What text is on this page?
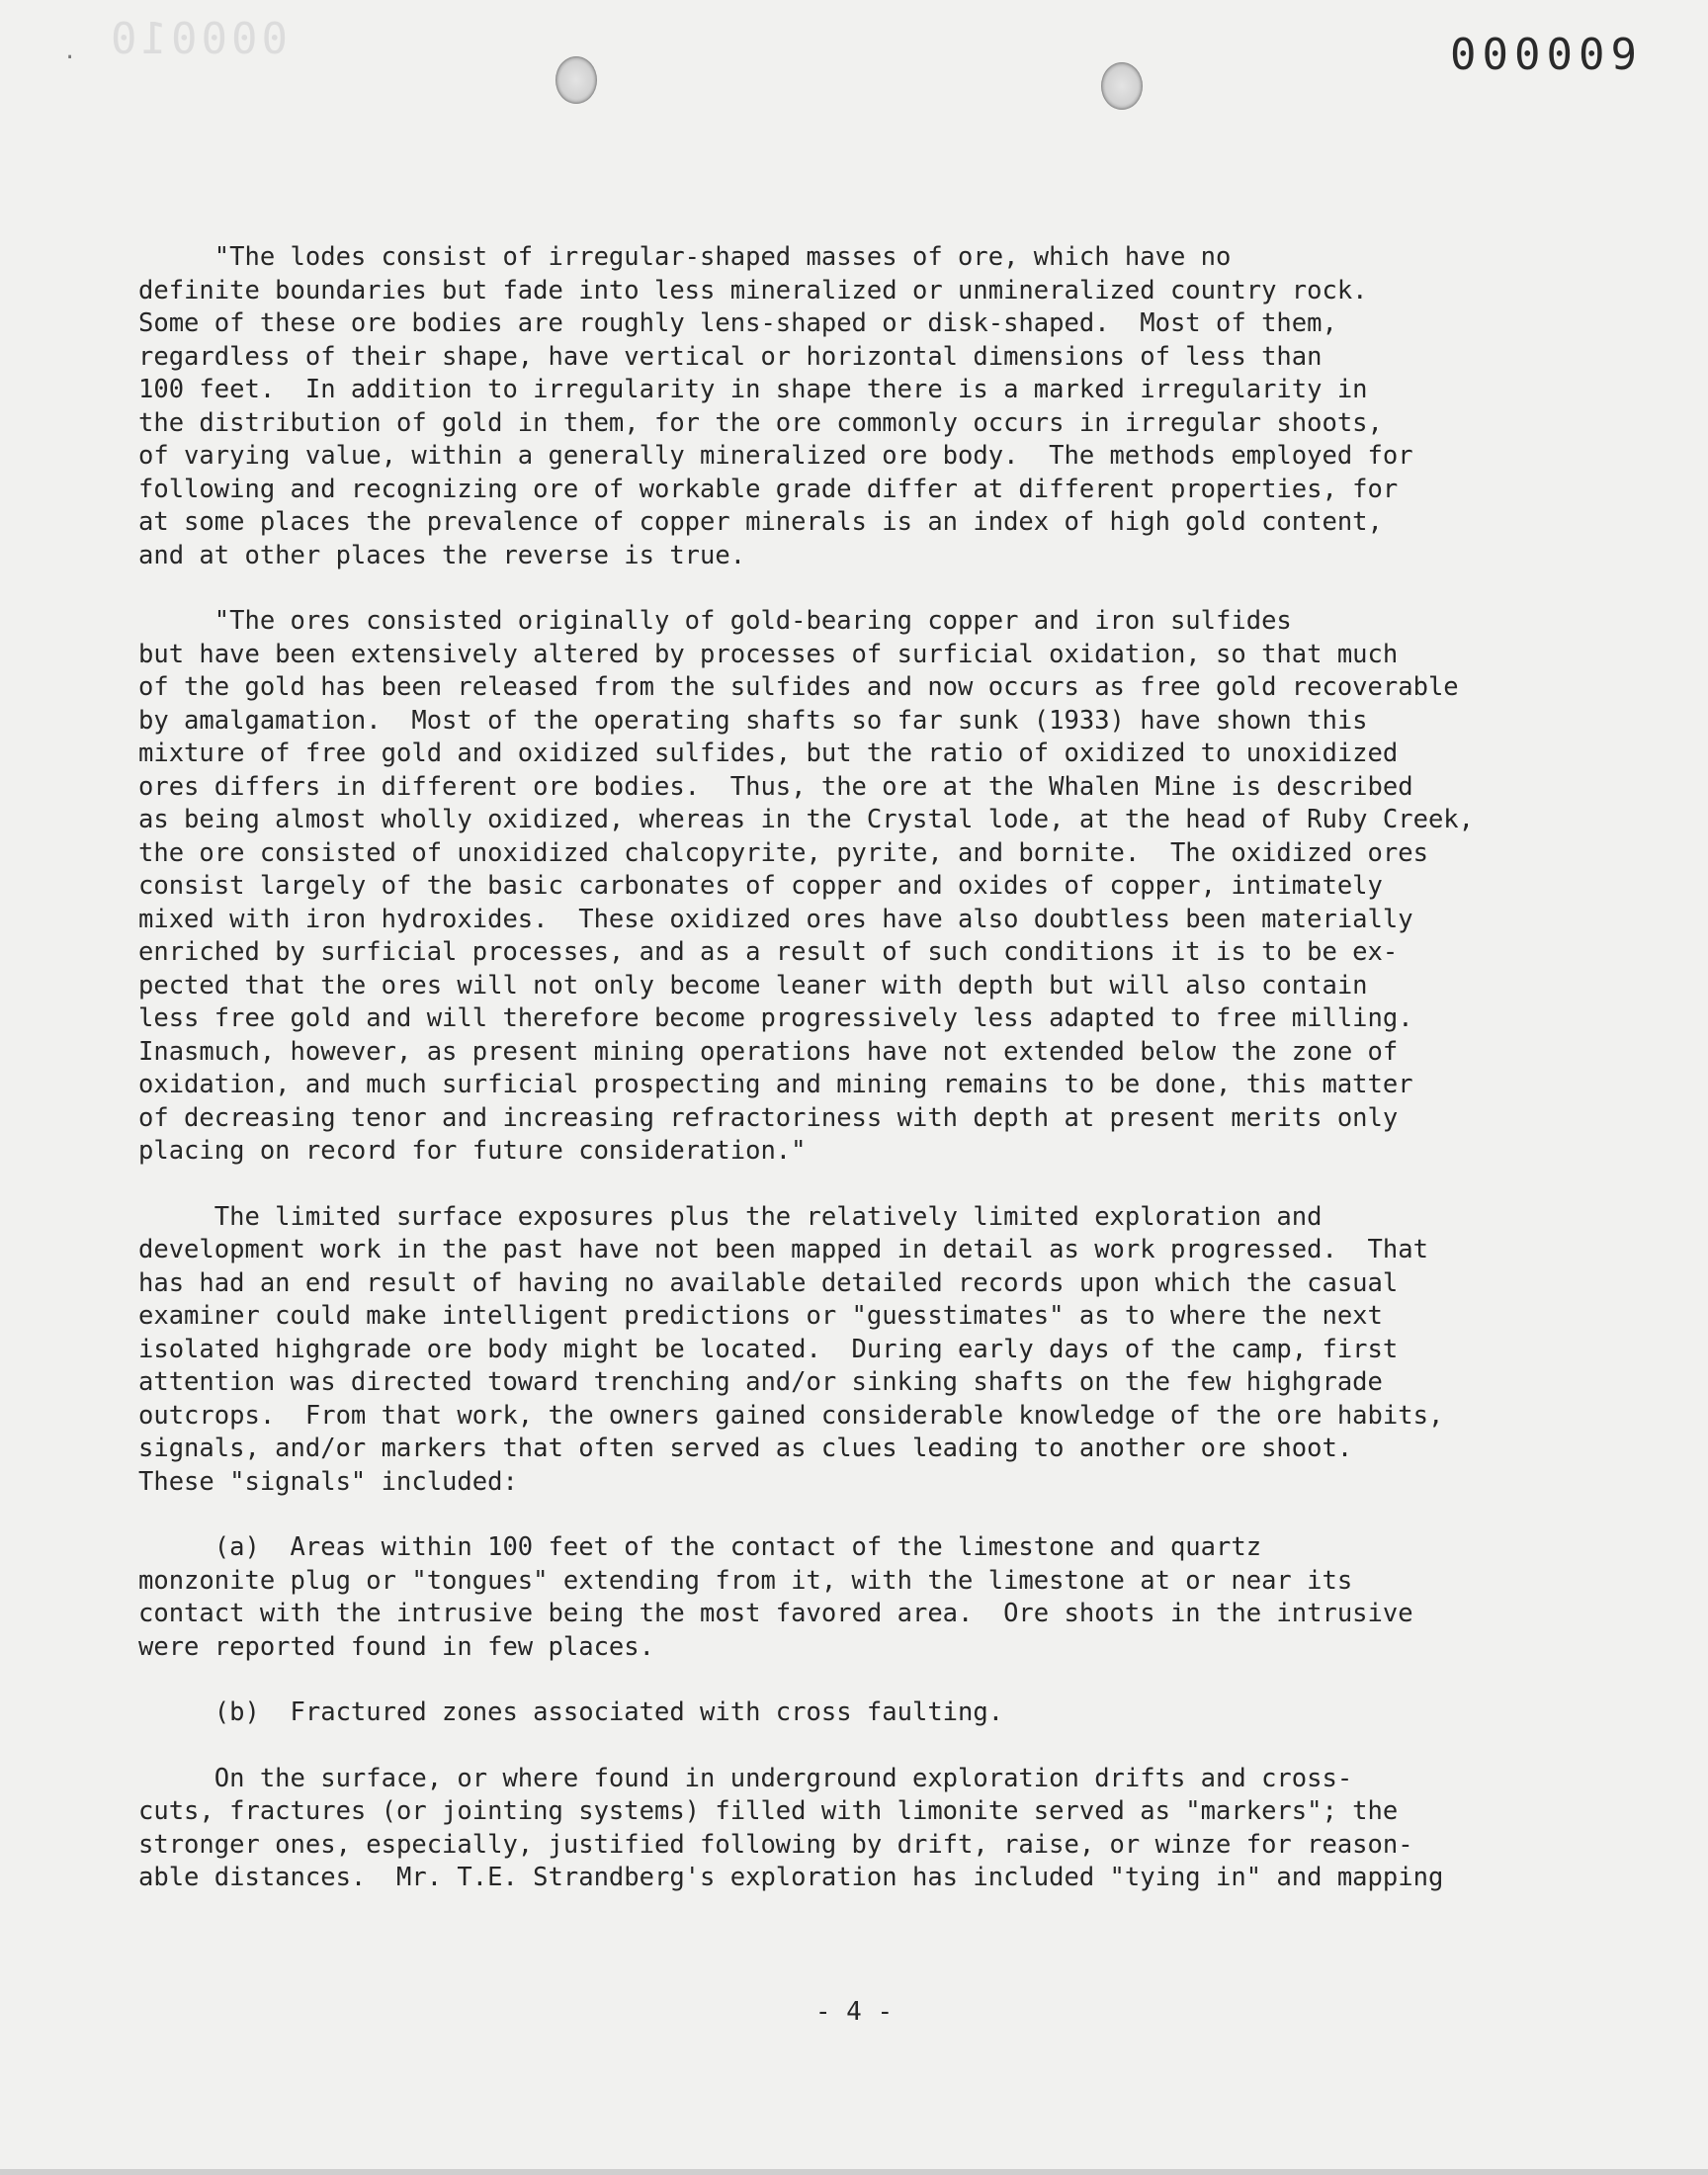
000010
.	000009
"The lodes consist of irregular-shaped masses of ore, which have no
definite boundaries but fade into less mineralized or unmineralized country rock.
Some of these ore bodies are roughly lens-shaped or disk-shaped.  Most of them,
regardless of their shape, have vertical or horizontal dimensions of less than
100 feet.  In addition to irregularity in shape there is a marked irregularity in
the distribution of gold in them, for the ore commonly occurs in irregular shoots,
of varying value, within a generally mineralized ore body.  The methods employed for
following and recognizing ore of workable grade differ at different properties, for
at some places the prevalence of copper minerals is an index of high gold content,
and at other places the reverse is true.
"The ores consisted originally of gold-bearing copper and iron sulfides
but have been extensively altered by processes of surficial oxidation, so that much
of the gold has been released from the sulfides and now occurs as free gold recoverable
by amalgamation.  Most of the operating shafts so far sunk (1933) have shown this
mixture of free gold and oxidized sulfides, but the ratio of oxidized to unoxidized
ores differs in different ore bodies.  Thus, the ore at the Whalen Mine is described
as being almost wholly oxidized, whereas in the Crystal lode, at the head of Ruby Creek,
the ore consisted of unoxidized chalcopyrite, pyrite, and bornite.  The oxidized ores
consist largely of the basic carbonates of copper and oxides of copper, intimately
mixed with iron hydroxides.  These oxidized ores have also doubtless been materially
enriched by surficial processes, and as a result of such conditions it is to be ex-
pected that the ores will not only become leaner with depth but will also contain
less free gold and will therefore become progressively less adapted to free milling.
Inasmuch, however, as present mining operations have not extended below the zone of
oxidation, and much surficial prospecting and mining remains to be done, this matter
of decreasing tenor and increasing refractoriness with depth at present merits only
placing on record for future consideration."
The limited surface exposures plus the relatively limited exploration and
development work in the past have not been mapped in detail as work progressed.  That
has had an end result of having no available detailed records upon which the casual
examiner could make intelligent predictions or "guesstimates" as to where the next
isolated highgrade ore body might be located.  During early days of the camp, first
attention was directed toward trenching and/or sinking shafts on the few highgrade
outcrops.  From that work, the owners gained considerable knowledge of the ore habits,
signals, and/or markers that often served as clues leading to another ore shoot.
These "signals" included:
(a)  Areas within 100 feet of the contact of the limestone and quartz
monzonite plug or "tongues" extending from it, with the limestone at or near its
contact with the intrusive being the most favored area.  Ore shoots in the intrusive
were reported found in few places.
(b)  Fractured zones associated with cross faulting.
On the surface, or where found in underground exploration drifts and cross-
cuts, fractures (or jointing systems) filled with limonite served as "markers"; the
stronger ones, especially, justified following by drift, raise, or winze for reason-
able distances.  Mr. T.E. Strandberg's exploration has included "tying in" and mapping
- 4 -
